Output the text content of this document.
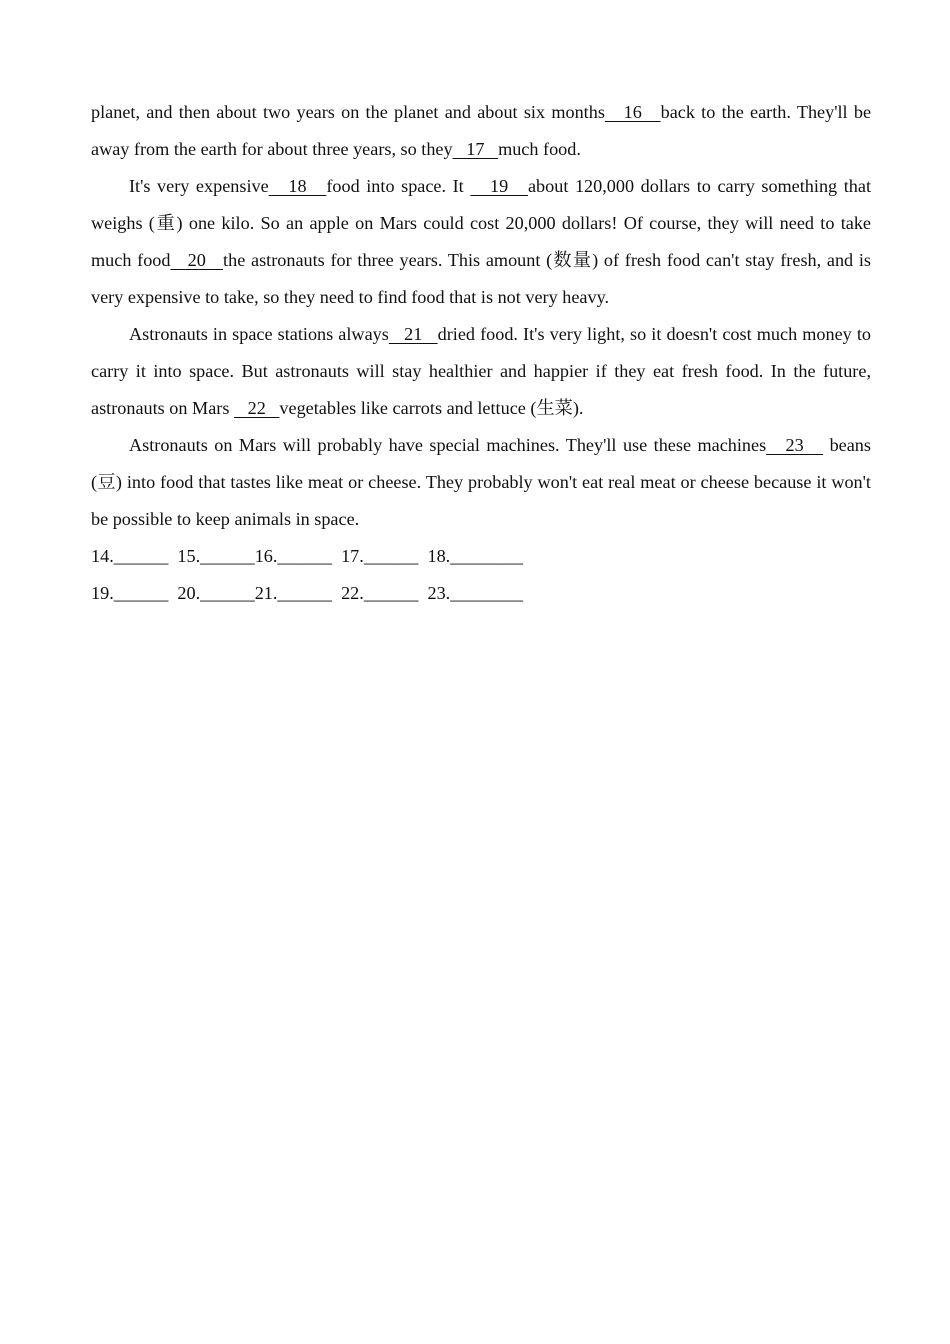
planet, and then about two years on the planet and about six months   16   back to the earth. They'll be away from the earth for about three years, so they   17   much food.

It's very expensive   18   food into space. It    19   about 120,000 dollars to carry something that weighs (重) one kilo. So an apple on Mars could cost 20,000 dollars! Of course, they will need to take much food   20   the astronauts for three years. This amount (数量) of fresh food can't stay fresh, and is very expensive to take, so they need to find food that is not very heavy.

Astronauts in space stations always   21   dried food. It's very light, so it doesn't cost much money to carry it into space. But astronauts will stay healthier and happier if they eat fresh food. In the future, astronauts on Mars    22   vegetables like carrots and lettuce (生菜).

Astronauts on Mars will probably have special machines. They'll use these machines   23    beans (豆) into food that tastes like meat or cheese. They probably won't eat real meat or cheese because it won't be possible to keep animals in space.

14.______  15.______16.______  17.______  18.________

19.______  20.______21.______  22.______  23.________
